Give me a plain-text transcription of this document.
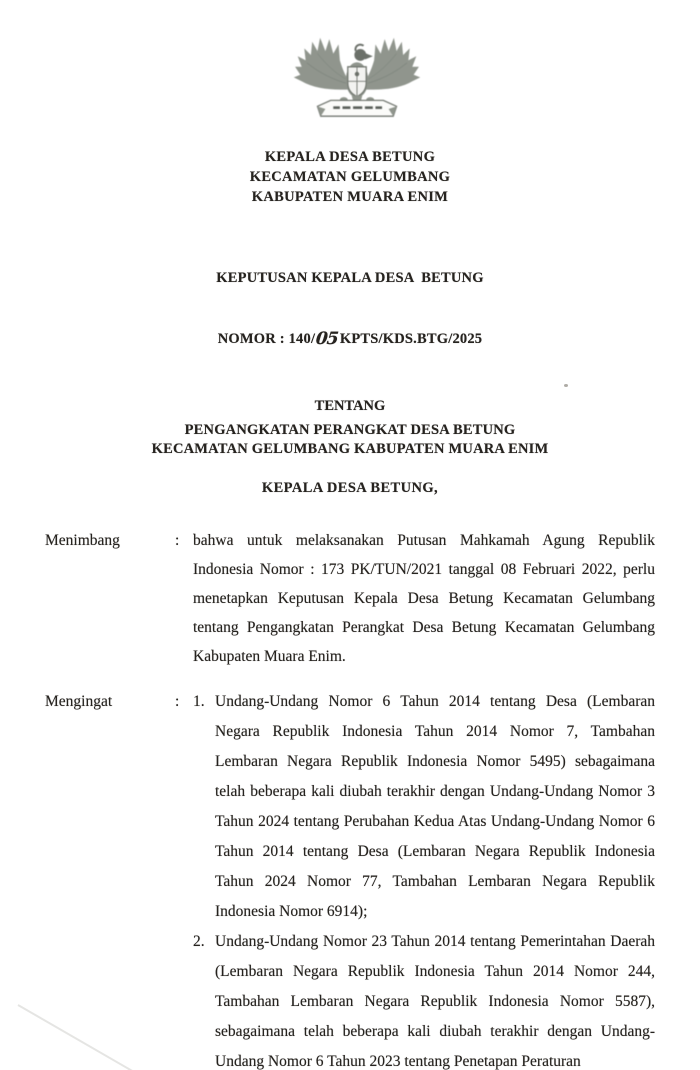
KEPALA DESA BETUNG
KECAMATAN GELUMBANG
KABUPATEN MUARA ENIM

KEPUTUSAN KEPALA DESA  BETUNG

NOMOR : 140/05KPTS/KDS.BTG/2025

TENTANG
PENGANGKATAN PERANGKAT DESA BETUNG
KECAMATAN GELUMBANG KABUPATEN MUARA ENIM
KEPALA DESA BETUNG,
Menimbang	: bahwa untuk melaksanakan Putusan Mahkamah Agung Republik Indonesia Nomor : 173 PK/TUN/2021 tanggal 08 Februari 2022, perlu menetapkan Keputusan Kepala Desa Betung Kecamatan Gelumbang tentang Pengangkatan Perangkat Desa Betung Kecamatan Gelumbang Kabupaten Muara Enim.
Mengingat	: 1. Undang-Undang Nomor 6 Tahun 2014 tentang Desa (Lembaran Negara Republik Indonesia Tahun 2014 Nomor 7, Tambahan Lembaran Negara Republik Indonesia Nomor 5495) sebagaimana telah beberapa kali diubah terakhir dengan Undang-Undang Nomor 3 Tahun 2024 tentang Perubahan Kedua Atas Undang-Undang Nomor 6 Tahun 2014 tentang Desa (Lembaran Negara Republik Indonesia Tahun 2024 Nomor 77, Tambahan Lembaran Negara Republik Indonesia Nomor 6914);
2. Undang-Undang Nomor 23 Tahun 2014 tentang Pemerintahan Daerah (Lembaran Negara Republik Indonesia Tahun 2014 Nomor 244, Tambahan Lembaran Negara Republik Indonesia Nomor 5587), sebagaimana telah beberapa kali diubah terakhir dengan Undang-Undang Nomor 6 Tahun 2023 tentang Penetapan Peraturan
